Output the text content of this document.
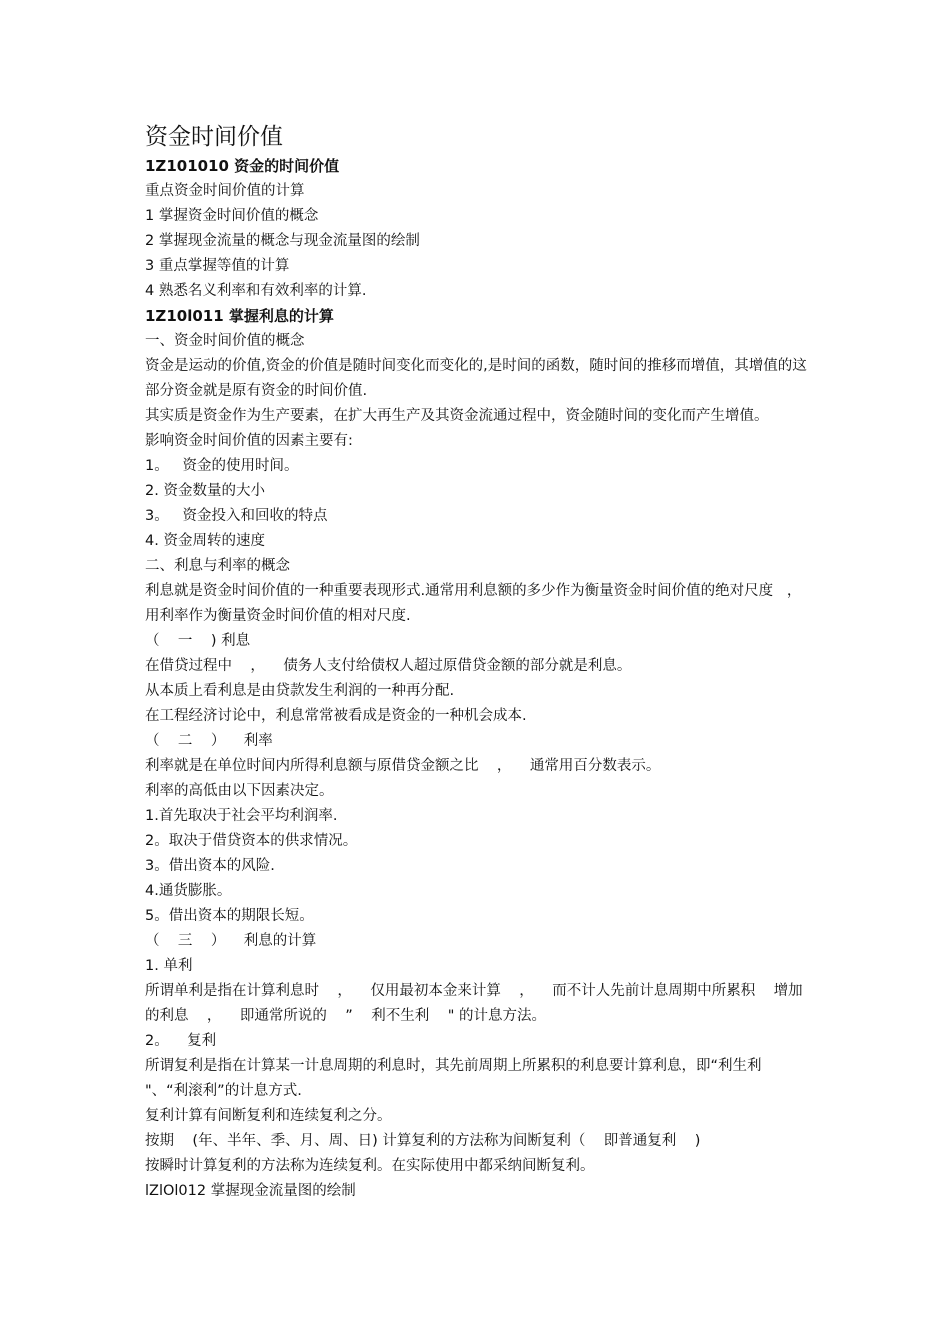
资金时间价值

1Z101010 资金的时间价值

重点资金时间价值的计算

1 掌握资金时间价值的概念

2 掌握现金流量的概念与现金流量图的绘制

3 重点掌握等值的计算

4 熟悉名义利率和有效利率的计算.

1Z10l011 掌握利息的计算

一、资金时间价值的概念

资金是运动的价值,资金的价值是随时间变化而变化的,是时间的函数，随时间的推移而增值，其增值的这部分资金就是原有资金的时间价值.

其实质是资金作为生产要素，在扩大再生产及其资金流通过程中，资金随时间的变化而产生增值。

影响资金时间价值的因素主要有:

1。   资金的使用时间。

2. 资金数量的大小

3。   资金投入和回收的特点

4. 资金周转的速度

二、利息与利率的概念

利息就是资金时间价值的一种重要表现形式.通常用利息额的多少作为衡量资金时间价值的绝对尺度   ，用利率作为衡量资金时间价值的相对尺度.

（    一    ) 利息

在借贷过程中    ，    债务人支付给债权人超过原借贷金额的部分就是利息。

从本质上看利息是由贷款发生利润的一种再分配.

在工程经济讨论中，利息常常被看成是资金的一种机会成本.

（    二    ）    利率

利率就是在单位时间内所得利息额与原借贷金额之比    ，    通常用百分数表示。

利率的高低由以下因素决定。

1.首先取决于社会平均利润率.

2。取决于借贷资本的供求情况。

3。借出资本的风险.

4.通货膨胀。

5。借出资本的期限长短。

（    三    ）    利息的计算

1. 单利

所谓单利是指在计算利息时    ，    仅用最初本金来计算    ，    而不计人先前计息周期中所累积    增加的利息    ，    即通常所说的    ”    利不生利    " 的计息方法。

2。    复利

所谓复利是指在计算某一计息周期的利息时，其先前周期上所累积的利息要计算利息，即“利生利    "、“利滚利”的计息方式.

复利计算有间断复利和连续复利之分。

按期    (年、半年、季、月、周、日) 计算复利的方法称为间断复利（    即普通复利    )

按瞬时计算复利的方法称为连续复利。在实际使用中都采纳间断复利。

lZlOl012 掌握现金流量图的绘制
